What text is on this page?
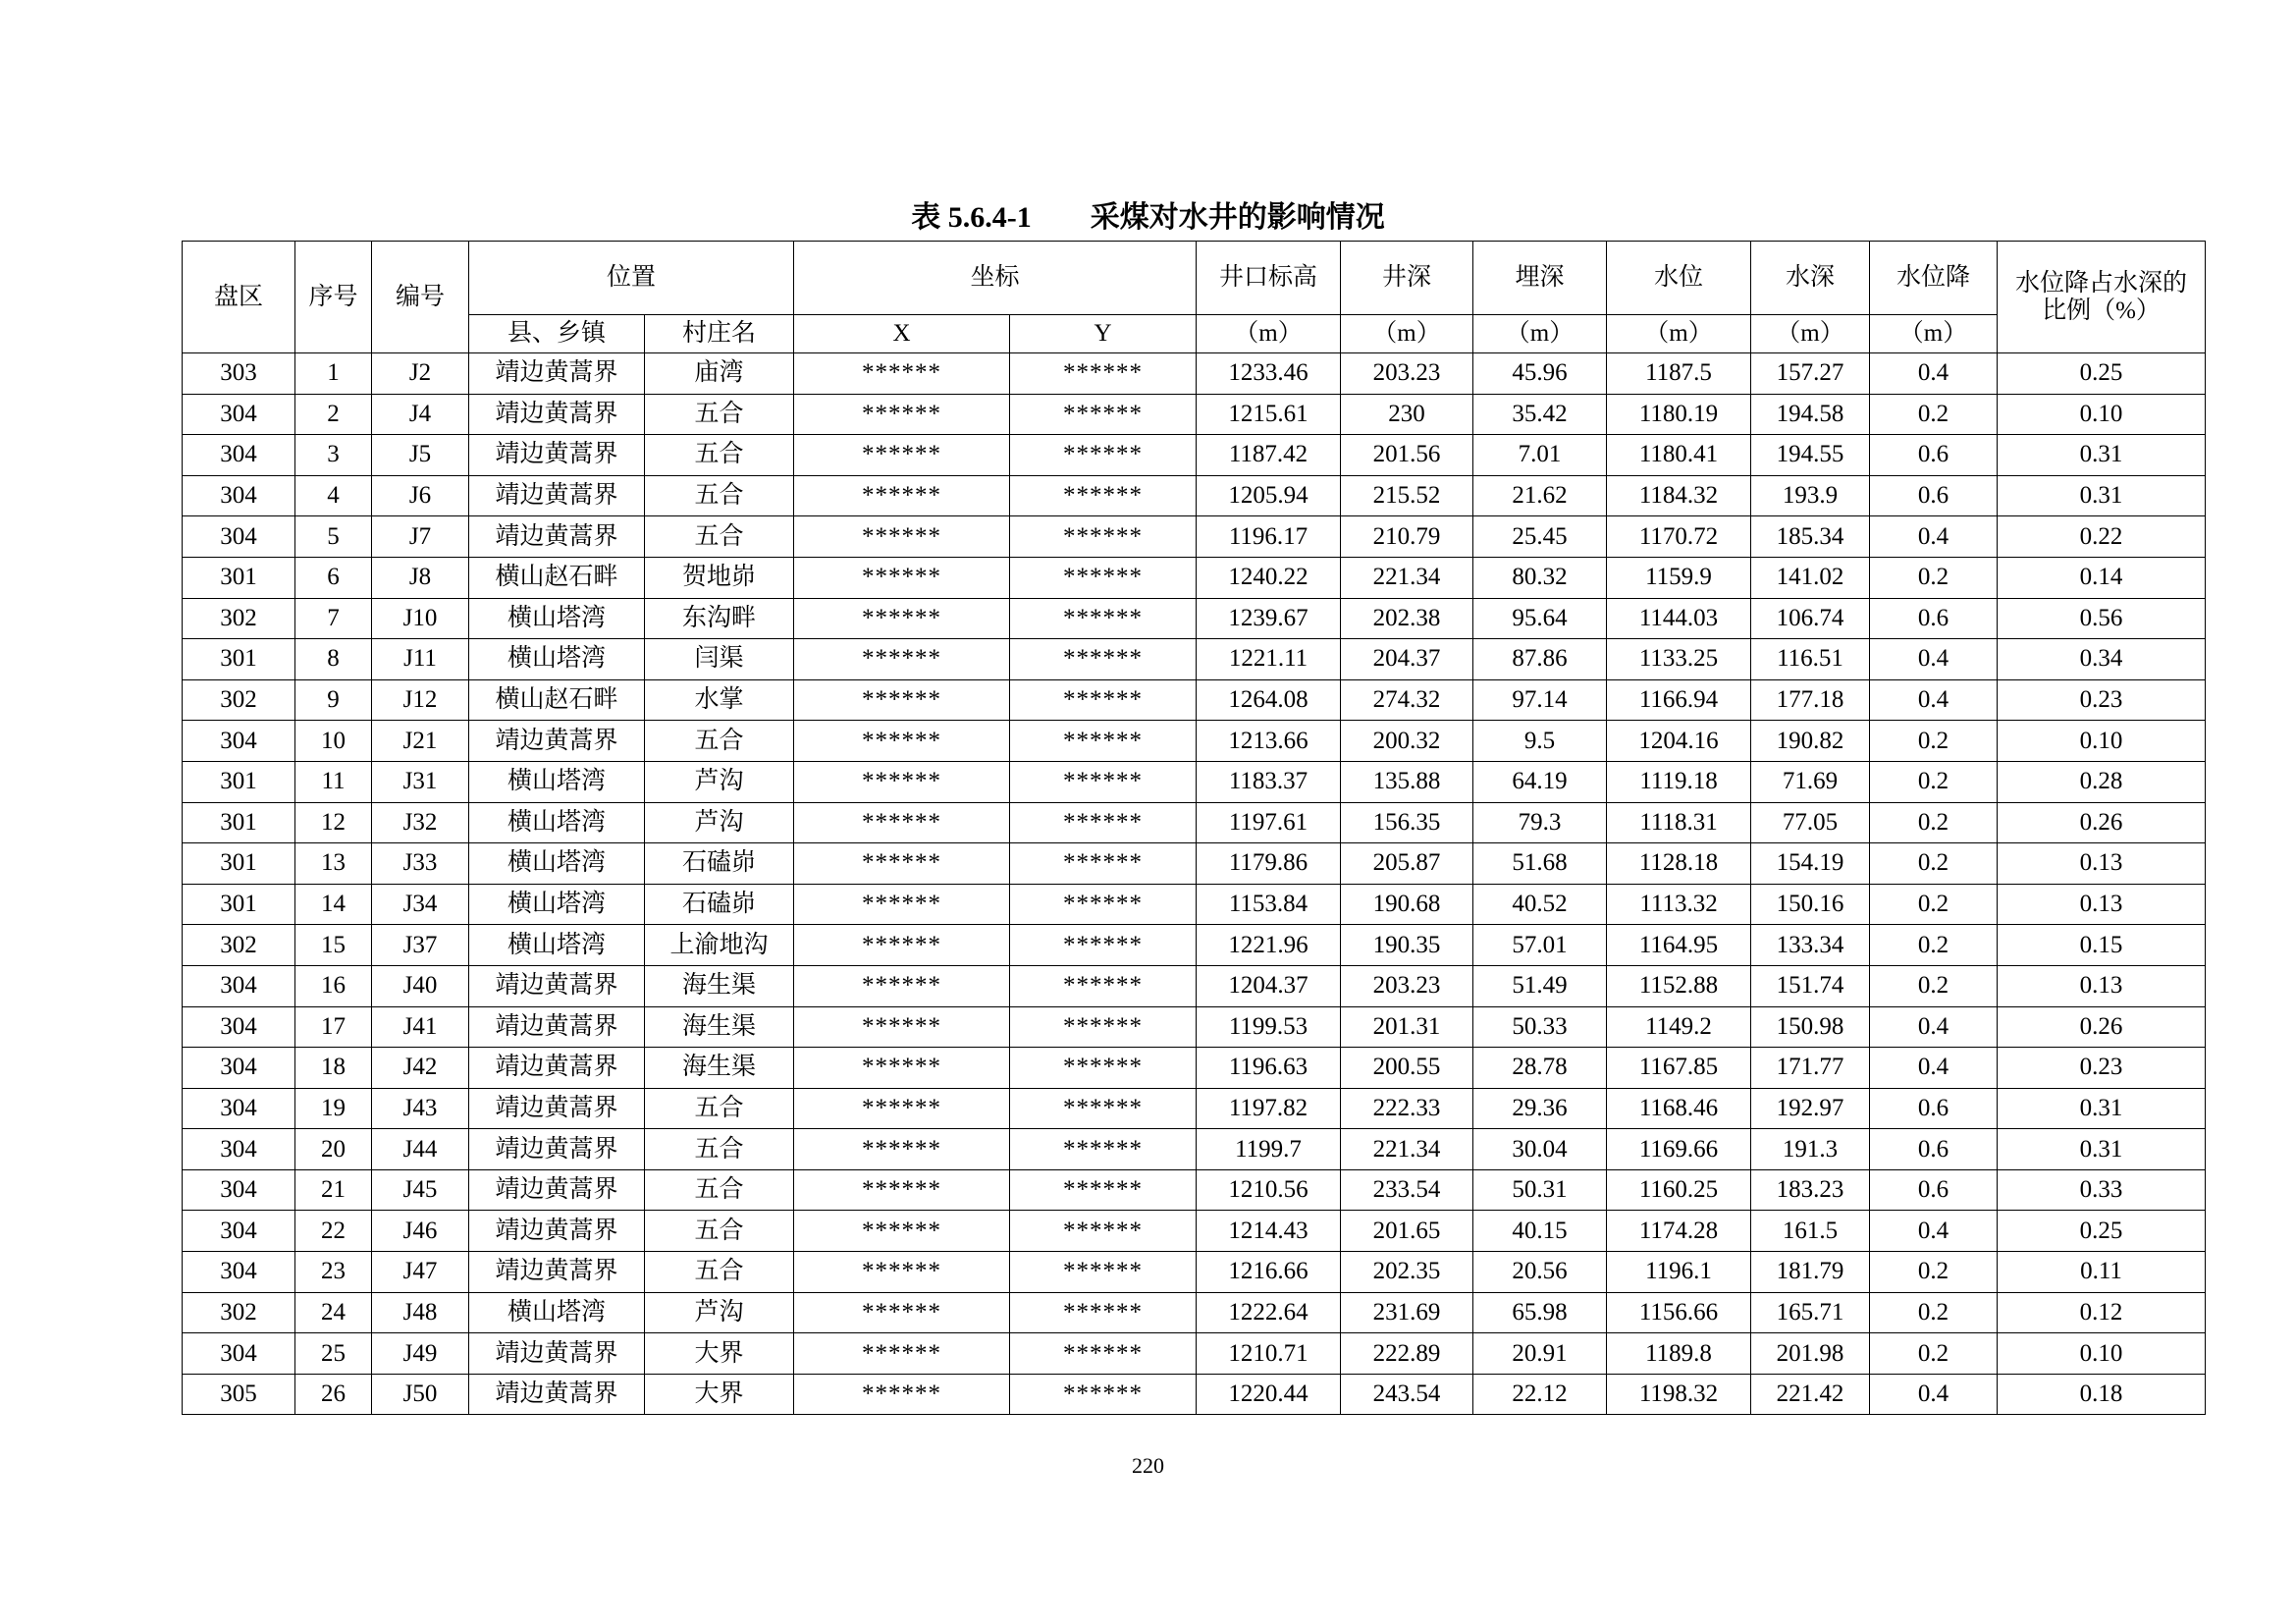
表 5.6.4-1        采煤对水井的影响情况
盘区	序号	编号	位置		坐标		井口标高	井深	埋深	水位	水深	水位降	水位降占水深的比例（%）
			县、乡镇	村庄名	X	Y	（m）	（m）	（m）	（m）	（m）	（m）	
303	1	J2	靖边黄蒿界	庙湾	******	******	1233.46	203.23	45.96	1187.5	157.27	0.4	0.25
304	2	J4	靖边黄蒿界	五合	******	******	1215.61	230	35.42	1180.19	194.58	0.2	0.10
304	3	J5	靖边黄蒿界	五合	******	******	1187.42	201.56	7.01	1180.41	194.55	0.6	0.31
304	4	J6	靖边黄蒿界	五合	******	******	1205.94	215.52	21.62	1184.32	193.9	0.6	0.31
304	5	J7	靖边黄蒿界	五合	******	******	1196.17	210.79	25.45	1170.72	185.34	0.4	0.22
301	6	J8	横山赵石畔	贺地峁	******	******	1240.22	221.34	80.32	1159.9	141.02	0.2	0.14
302	7	J10	横山塔湾	东沟畔	******	******	1239.67	202.38	95.64	1144.03	106.74	0.6	0.56
301	8	J11	横山塔湾	闫渠	******	******	1221.11	204.37	87.86	1133.25	116.51	0.4	0.34
302	9	J12	横山赵石畔	水掌	******	******	1264.08	274.32	97.14	1166.94	177.18	0.4	0.23
304	10	J21	靖边黄蒿界	五合	******	******	1213.66	200.32	9.5	1204.16	190.82	0.2	0.10
301	11	J31	横山塔湾	芦沟	******	******	1183.37	135.88	64.19	1119.18	71.69	0.2	0.28
301	12	J32	横山塔湾	芦沟	******	******	1197.61	156.35	79.3	1118.31	77.05	0.2	0.26
301	13	J33	横山塔湾	石磕峁	******	******	1179.86	205.87	51.68	1128.18	154.19	0.2	0.13
301	14	J34	横山塔湾	石磕峁	******	******	1153.84	190.68	40.52	1113.32	150.16	0.2	0.13
302	15	J37	横山塔湾	上渝地沟	******	******	1221.96	190.35	57.01	1164.95	133.34	0.2	0.15
304	16	J40	靖边黄蒿界	海生渠	******	******	1204.37	203.23	51.49	1152.88	151.74	0.2	0.13
304	17	J41	靖边黄蒿界	海生渠	******	******	1199.53	201.31	50.33	1149.2	150.98	0.4	0.26
304	18	J42	靖边黄蒿界	海生渠	******	******	1196.63	200.55	28.78	1167.85	171.77	0.4	0.23
304	19	J43	靖边黄蒿界	五合	******	******	1197.82	222.33	29.36	1168.46	192.97	0.6	0.31
304	20	J44	靖边黄蒿界	五合	******	******	1199.7	221.34	30.04	1169.66	191.3	0.6	0.31
304	21	J45	靖边黄蒿界	五合	******	******	1210.56	233.54	50.31	1160.25	183.23	0.6	0.33
304	22	J46	靖边黄蒿界	五合	******	******	1214.43	201.65	40.15	1174.28	161.5	0.4	0.25
304	23	J47	靖边黄蒿界	五合	******	******	1216.66	202.35	20.56	1196.1	181.79	0.2	0.11
302	24	J48	横山塔湾	芦沟	******	******	1222.64	231.69	65.98	1156.66	165.71	0.2	0.12
304	25	J49	靖边黄蒿界	大界	******	******	1210.71	222.89	20.91	1189.8	201.98	0.2	0.10
305	26	J50	靖边黄蒿界	大界	******	******	1220.44	243.54	22.12	1198.32	221.42	0.4	0.18
220
